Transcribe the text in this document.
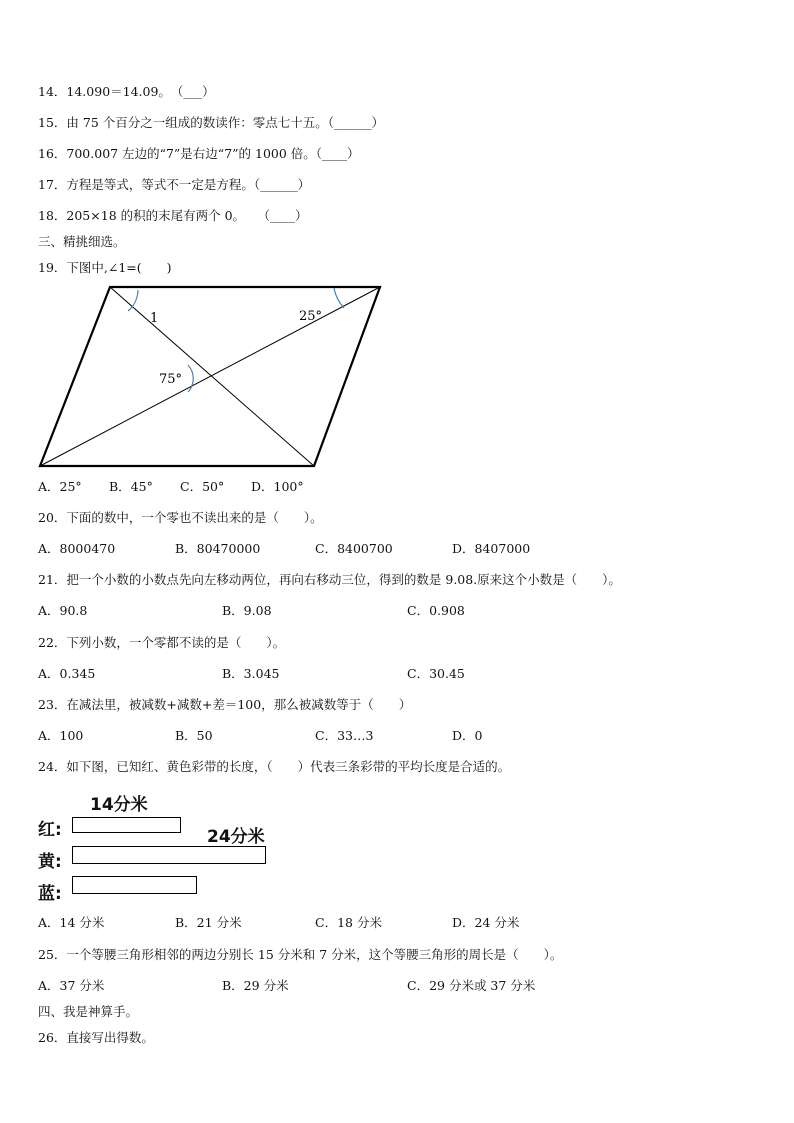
14．14.090＝14.09。　（___）
15．由 75 个百分之一组成的数读作：零点七十五。（______）
16．700.007 左边的“7”是右边“7”的 1000 倍。（____）
17．方程是等式，等式不一定是方程。（______）
18．205×18 的积的末尾有两个 0。　　（____）
三、精挑细选。
19．下图中,∠1=(　　)
1	25°
75°
A．25° B．45° C．50° D．100°
20．下面的数中，一个零也不读出来的是（　　）。
A．8000470	B．80470000	C．8400700	D．8407000
21．把一个小数的小数点先向左移动两位，再向右移动三位，得到的数是 9.08.原来这个小数是（　　）。
A．90.8	B．9.08	C．0.908
22．下列小数，一个零都不读的是（　　）。
A．0.345	B．3.045	C．30.45
23．在减法里，被减数+减数+差＝100，那么被减数等于（　　）
A．100	B．50	C．33…3	D．0
24．如下图，已知红、黄色彩带的长度，（　　）代表三条彩带的平均长度是合适的。
14分米
红:	24分米
黄:
蓝:
A．14 分米	B．21 分米	C．18 分米	D．24 分米
25．一个等腰三角形相邻的两边分别长 15 分米和 7 分米，这个等腰三角形的周长是（　　）。
A．37 分米	B．29 分米	C．29 分米或 37 分米
四、我是神算手。
26．直接写出得数。
